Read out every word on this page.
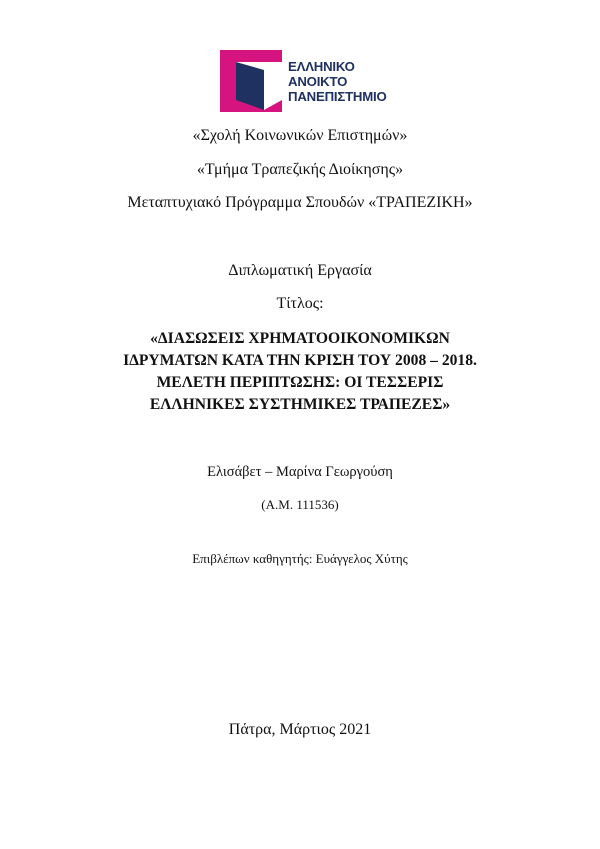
ΕΛΛΗΝΙΚΟ
ΑΝΟΙΚΤΟ
ΠΑΝΕΠΙΣΤΗΜΙΟ
«Σχολή Κοινωνικών Επιστημών»
«Τμήμα Τραπεζικής Διοίκησης»
Μεταπτυχιακό Πρόγραμμα Σπουδών «ΤΡΑΠΕΖΙΚΗ»
Διπλωματική Εργασία
Τίτλος:
«ΔΙΑΣΩΣΕΙΣ ΧΡΗΜΑΤΟΟΙΚΟΝΟΜΙΚΩΝ
ΙΔΡΥΜΑΤΩΝ ΚΑΤΑ ΤΗΝ ΚΡΙΣΗ ΤΟΥ 2008 – 2018.
ΜΕΛΕΤΗ ΠΕΡΙΠΤΩΣΗΣ: ΟΙ ΤΕΣΣΕΡΙΣ
ΕΛΛΗΝΙΚΕΣ ΣΥΣΤΗΜΙΚΕΣ ΤΡΑΠΕΖΕΣ»
Ελισάβετ – Μαρίνα Γεωργούση
(Α.Μ. 111536)
Επιβλέπων καθηγητής: Ευάγγελος Χύτης
Πάτρα, Μάρτιος 2021
